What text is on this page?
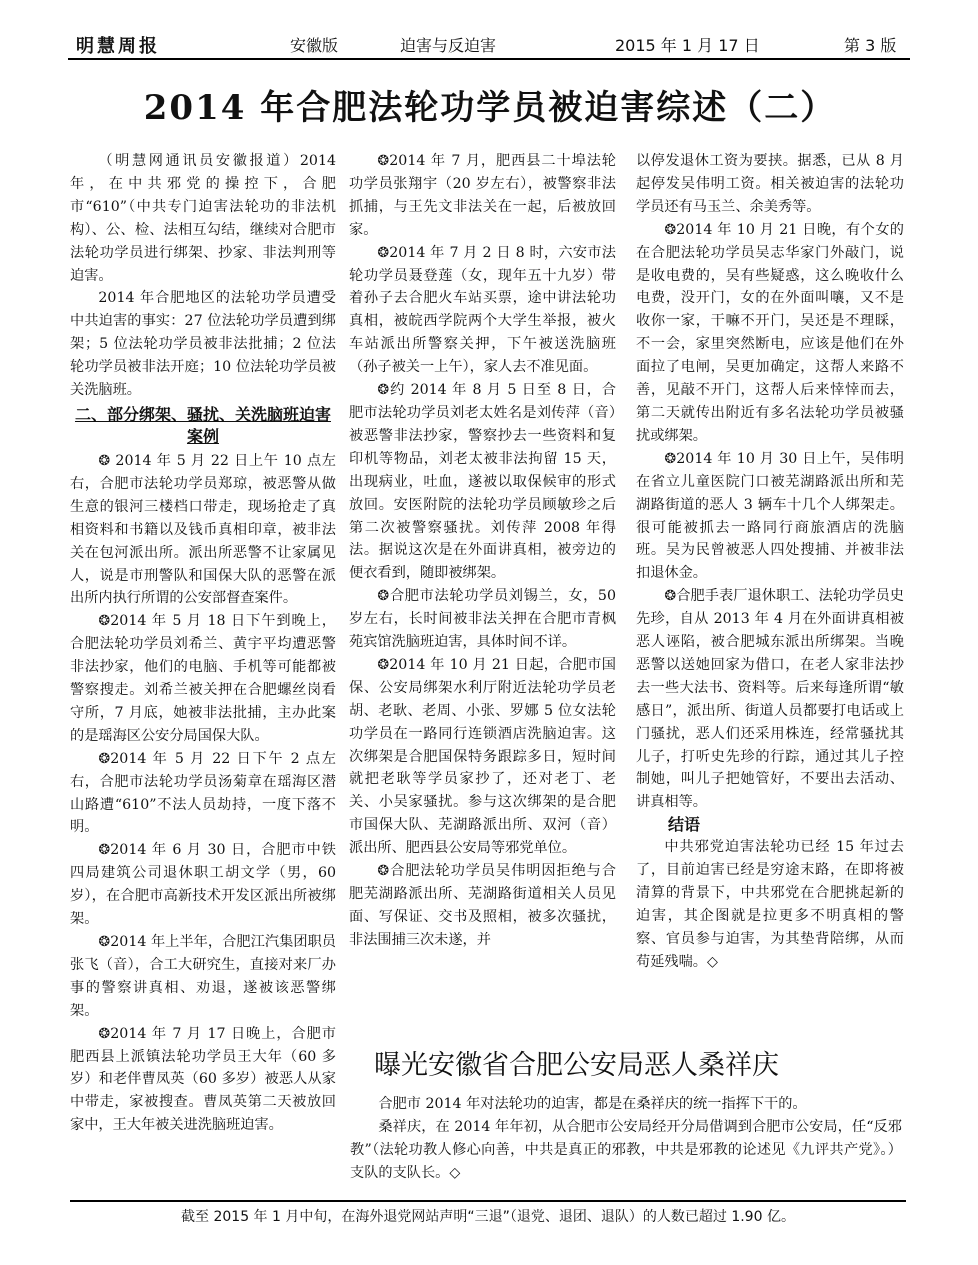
明慧周报	安徽版	迫害与反迫害	2015 年 1 月 17 日	第 3 版
2014 年合肥法轮功学员被迫害综述（二）

（明慧网通讯员安徽报道）2014 年，在中共邪党的操控下，合肥市“610”（中共专门迫害法轮功的非法机构）、公、检、法相互勾结，继续对合肥市法轮功学员进行绑架、抄家、非法判刑等迫害。

2014 年合肥地区的法轮功学员遭受中共迫害的事实：27 位法轮功学员遭到绑架；5 位法轮功学员被非法批捕；2 位法轮功学员被非法开庭；10 位法轮功学员被关洗脑班。

二、部分绑架、骚扰、关洗脑班迫害案例

❂ 2014 年 5 月 22 日上午 10 点左右，合肥市法轮功学员郑琼，被恶警从做生意的银河三楼档口带走，现场抢走了真相资料和书籍以及钱币真相印章，被非法关在包河派出所。派出所恶警不让家属见人，说是市刑警队和国保大队的恶警在派出所内执行所谓的公安部督查案件。

❂2014 年 5 月 18 日下午到晚上，合肥法轮功学员刘希兰、黄宇平均遭恶警非法抄家，他们的电脑、手机等可能都被警察搜走。刘希兰被关押在合肥螺丝岗看守所，7 月底，她被非法批捕，主办此案的是瑶海区公安分局国保大队。

❂2014 年 5 月 22 日下午 2 点左右，合肥市法轮功学员汤菊章在瑶海区潜山路遭“610”不法人员劫持，一度下落不明。

❂2014 年 6 月 30 日，合肥市中铁四局建筑公司退休职工胡文学（男，60 岁），在合肥市高新技术开发区派出所被绑架。

❂2014 年上半年，合肥江汽集团职员张飞（音），合工大研究生，直接对来厂办事的警察讲真相、劝退，遂被该恶警绑架。

❂2014 年 7 月 17 日晚上，合肥市肥西县上派镇法轮功学员王大年（60 多岁）和老伴曹凤英（60 多岁）被恶人从家中带走，家被搜查。曹凤英第二天被放回家中，王大年被关进洗脑班迫害。

❂2014 年 7 月，肥西县二十埠法轮功学员张翔宇（20 岁左右），被警察非法抓捕，与王先文非法关在一起，后被放回家。

❂2014 年 7 月 2 日 8 时，六安市法轮功学员聂登莲（女，现年五十九岁）带着孙子去合肥火车站买票，途中讲法轮功真相，被皖西学院两个大学生举报，被火车站派出所警察关押，下午被送洗脑班（孙子被关一上午），家人去不准见面。

❂约 2014 年 8 月 5 日至 8 日，合肥市法轮功学员刘老太姓名是刘传萍（音）被恶警非法抄家，警察抄去一些资料和复印机等物品，刘老太被非法拘留 15 天，出现病业，吐血，遂被以取保候审的形式放回。安医附院的法轮功学员顾敏珍之后第二次被警察骚扰。刘传萍 2008 年得法。据说这次是在外面讲真相，被旁边的便衣看到，随即被绑架。

❂合肥市法轮功学员刘锡兰，女，50 岁左右，长时间被非法关押在合肥市青枫苑宾馆洗脑班迫害，具体时间不详。

❂2014 年 10 月 21 日起，合肥市国保、公安局绑架水利厅附近法轮功学员老胡、老耿、老周、小张、罗娜 5 位女法轮功学员在一路同行连锁酒店洗脑迫害。这次绑架是合肥国保特务跟踪多日，短时间就把老耿等学员家抄了，还对老丁、老关、小吴家骚扰。参与这次绑架的是合肥市国保大队、芜湖路派出所、双河（音）派出所、肥西县公安局等邪党单位。

❂合肥法轮功学员吴伟明因拒绝与合肥芜湖路派出所、芜湖路街道相关人员见面、写保证、交书及照相，被多次骚扰，非法围捕三次未遂，并

以停发退休工资为要挟。据悉，已从 8 月起停发吴伟明工资。相关被迫害的法轮功学员还有马玉兰、余美秀等。

❂2014 年 10 月 21 日晚，有个女的在合肥法轮功学员吴志华家门外敲门，说是收电费的，吴有些疑惑，这么晚收什么电费，没开门，女的在外面叫嚷，又不是收你一家，干嘛不开门，吴还是不理睬，不一会，家里突然断电，应该是他们在外面拉了电闸，吴更加确定，这帮人来路不善，见敲不开门，这帮人后来悻悻而去，第二天就传出附近有多名法轮功学员被骚扰或绑架。

❂2014 年 10 月 30 日上午，吴伟明在省立儿童医院门口被芜湖路派出所和芜湖路街道的恶人 3 辆车十几个人绑架走。很可能被抓去一路同行商旅酒店的洗脑班。吴为民曾被恶人四处搜捕、并被非法扣退休金。

❂合肥手表厂退休职工、法轮功学员史先珍，自从 2013 年 4 月在外面讲真相被恶人诬陷，被合肥城东派出所绑架。当晚恶警以送她回家为借口，在老人家非法抄去一些大法书、资料等。后来每逢所谓“敏感日”，派出所、街道人员都要打电话或上门骚扰，恶人们还采用株连，经常骚扰其儿子，打听史先珍的行踪，通过其儿子控制她，叫儿子把她管好，不要出去活动、讲真相等。

结语

中共邪党迫害法轮功已经 15 年过去了，目前迫害已经是穷途末路，在即将被清算的背景下，中共邪党在合肥挑起新的迫害，其企图就是拉更多不明真相的警察、官员参与迫害，为其垫背陪绑，从而苟延残喘。◇

曝光安徽省合肥公安局恶人桑祥庆

合肥市 2014 年对法轮功的迫害，都是在桑祥庆的统一指挥下干的。

桑祥庆，在 2014 年年初，从合肥市公安局经开分局借调到合肥市公安局，任“反邪教”（法轮功教人修心向善，中共是真正的邪教，中共是邪教的论述见《九评共产党》。）支队的支队长。◇

截至 2015 年 1 月中旬，在海外退党网站声明“三退”（退党、退团、退队）的人数已超过 1.90 亿。
